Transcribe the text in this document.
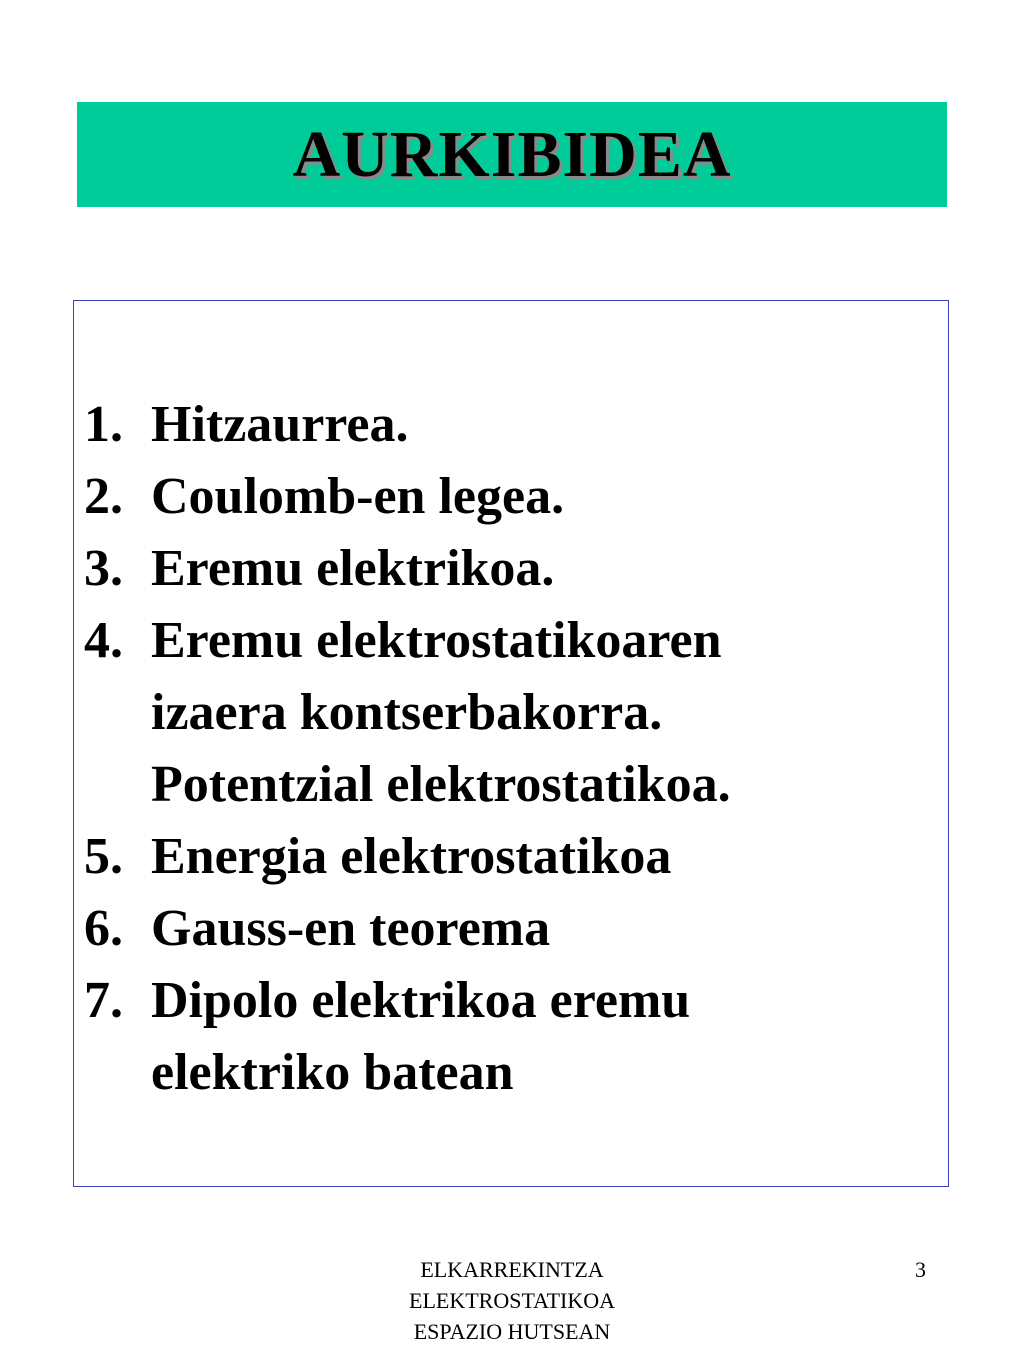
AURKIBIDEA
1. Hitzaurrea.
2. Coulomb-en legea.
3. Eremu elektrikoa.
4. Eremu elektrostatikoaren
izaera kontserbakorra.
Potentzial elektrostatikoa.
5. Energia elektrostatikoa
6. Gauss-en teorema
7. Dipolo elektrikoa eremu
elektriko batean
ELKARREKINTZA
ELEKTROSTATIKOA
ESPAZIO HUTSEAN
3
